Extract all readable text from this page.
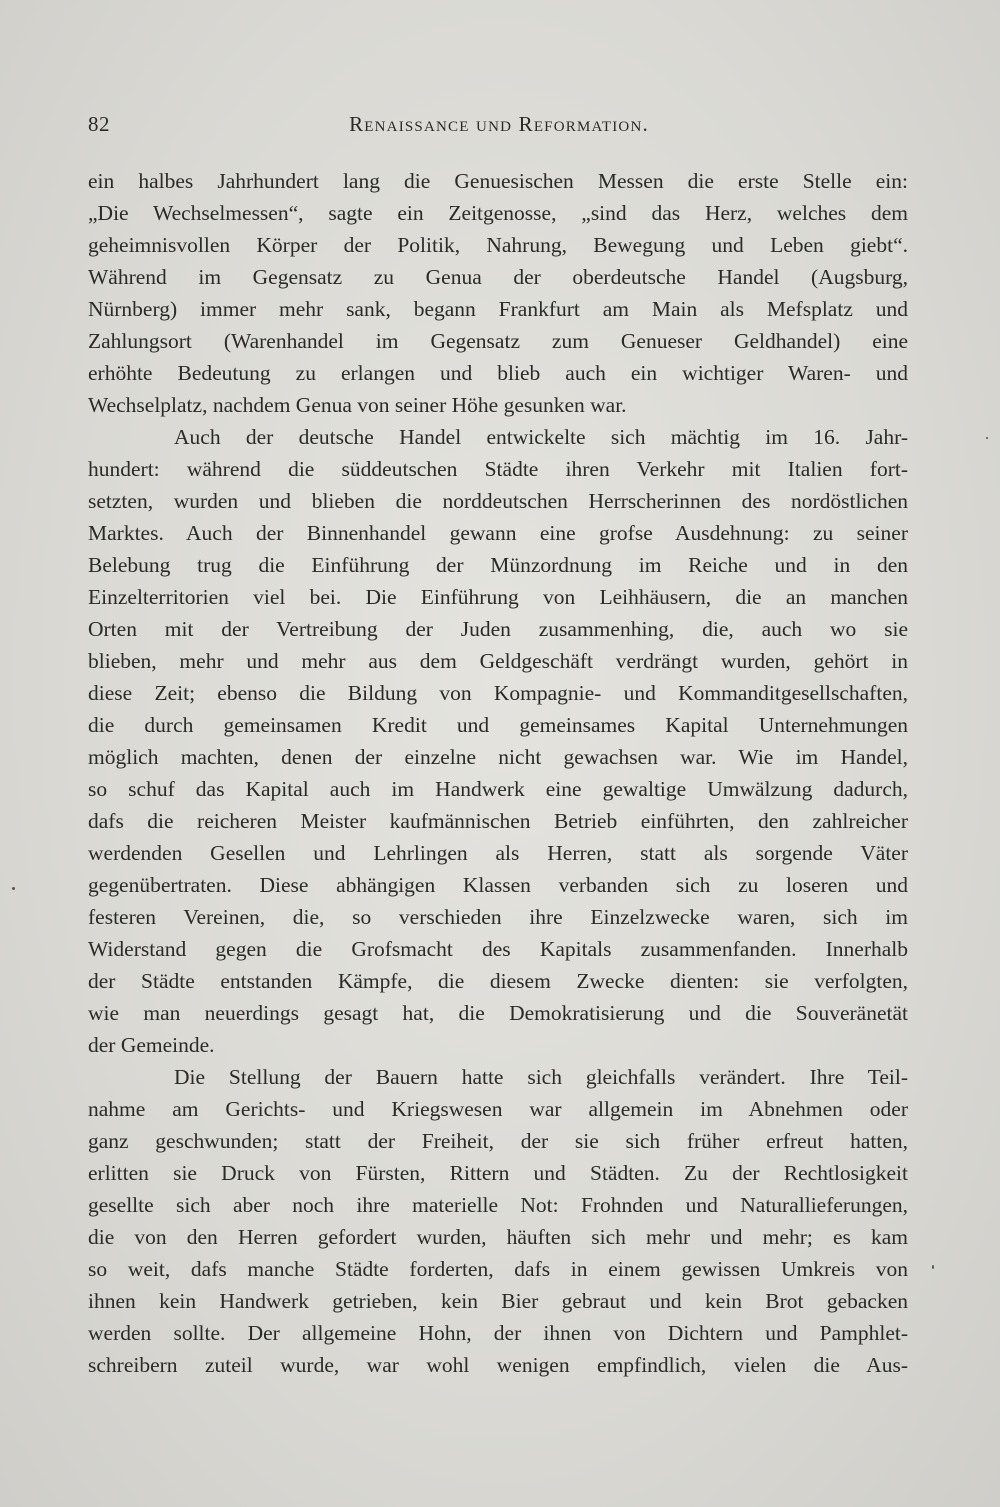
82	Renaissance und Reformation.
ein halbes Jahrhundert lang die Genuesischen Messen die erste Stelle ein:
„Die Wechselmessen“, sagte ein Zeitgenosse, „sind das Herz, welches dem
geheimnisvollen Körper der Politik, Nahrung, Bewegung und Leben giebt“.
Während im Gegensatz zu Genua der oberdeutsche Handel (Augsburg,
Nürnberg) immer mehr sank, begann Frankfurt am Main als Mefsplatz und
Zahlungsort (Warenhandel im Gegensatz zum Genueser Geldhandel) eine
erhöhte Bedeutung zu erlangen und blieb auch ein wichtiger Waren- und
Wechselplatz, nachdem Genua von seiner Höhe gesunken war.
Auch der deutsche Handel entwickelte sich mächtig im 16. Jahr-
hundert: während die süddeutschen Städte ihren Verkehr mit Italien fort-
setzten, wurden und blieben die norddeutschen Herrscherinnen des nordöstlichen
Marktes. Auch der Binnenhandel gewann eine grofse Ausdehnung: zu seiner
Belebung trug die Einführung der Münzordnung im Reiche und in den
Einzelterritorien viel bei. Die Einführung von Leihhäusern, die an manchen
Orten mit der Vertreibung der Juden zusammenhing, die, auch wo sie
blieben, mehr und mehr aus dem Geldgeschäft verdrängt wurden, gehört in
diese Zeit; ebenso die Bildung von Kompagnie- und Kommanditgesellschaften,
die durch gemeinsamen Kredit und gemeinsames Kapital Unternehmungen
möglich machten, denen der einzelne nicht gewachsen war. Wie im Handel,
so schuf das Kapital auch im Handwerk eine gewaltige Umwälzung dadurch,
dafs die reicheren Meister kaufmännischen Betrieb einführten, den zahlreicher
werdenden Gesellen und Lehrlingen als Herren, statt als sorgende Väter
gegenübertraten. Diese abhängigen Klassen verbanden sich zu loseren und
festeren Vereinen, die, so verschieden ihre Einzelzwecke waren, sich im
Widerstand gegen die Grofsmacht des Kapitals zusammenfanden. Innerhalb
der Städte entstanden Kämpfe, die diesem Zwecke dienten: sie verfolgten,
wie man neuerdings gesagt hat, die Demokratisierung und die Souveränetät
der Gemeinde.
Die Stellung der Bauern hatte sich gleichfalls verändert. Ihre Teil-
nahme am Gerichts- und Kriegswesen war allgemein im Abnehmen oder
ganz geschwunden; statt der Freiheit, der sie sich früher erfreut hatten,
erlitten sie Druck von Fürsten, Rittern und Städten. Zu der Rechtlosigkeit
gesellte sich aber noch ihre materielle Not: Frohnden und Naturallieferungen,
die von den Herren gefordert wurden, häuften sich mehr und mehr; es kam
so weit, dafs manche Städte forderten, dafs in einem gewissen Umkreis von
ihnen kein Handwerk getrieben, kein Bier gebraut und kein Brot gebacken
werden sollte. Der allgemeine Hohn, der ihnen von Dichtern und Pamphlet-
schreibern zuteil wurde, war wohl wenigen empfindlich, vielen die Aus-
